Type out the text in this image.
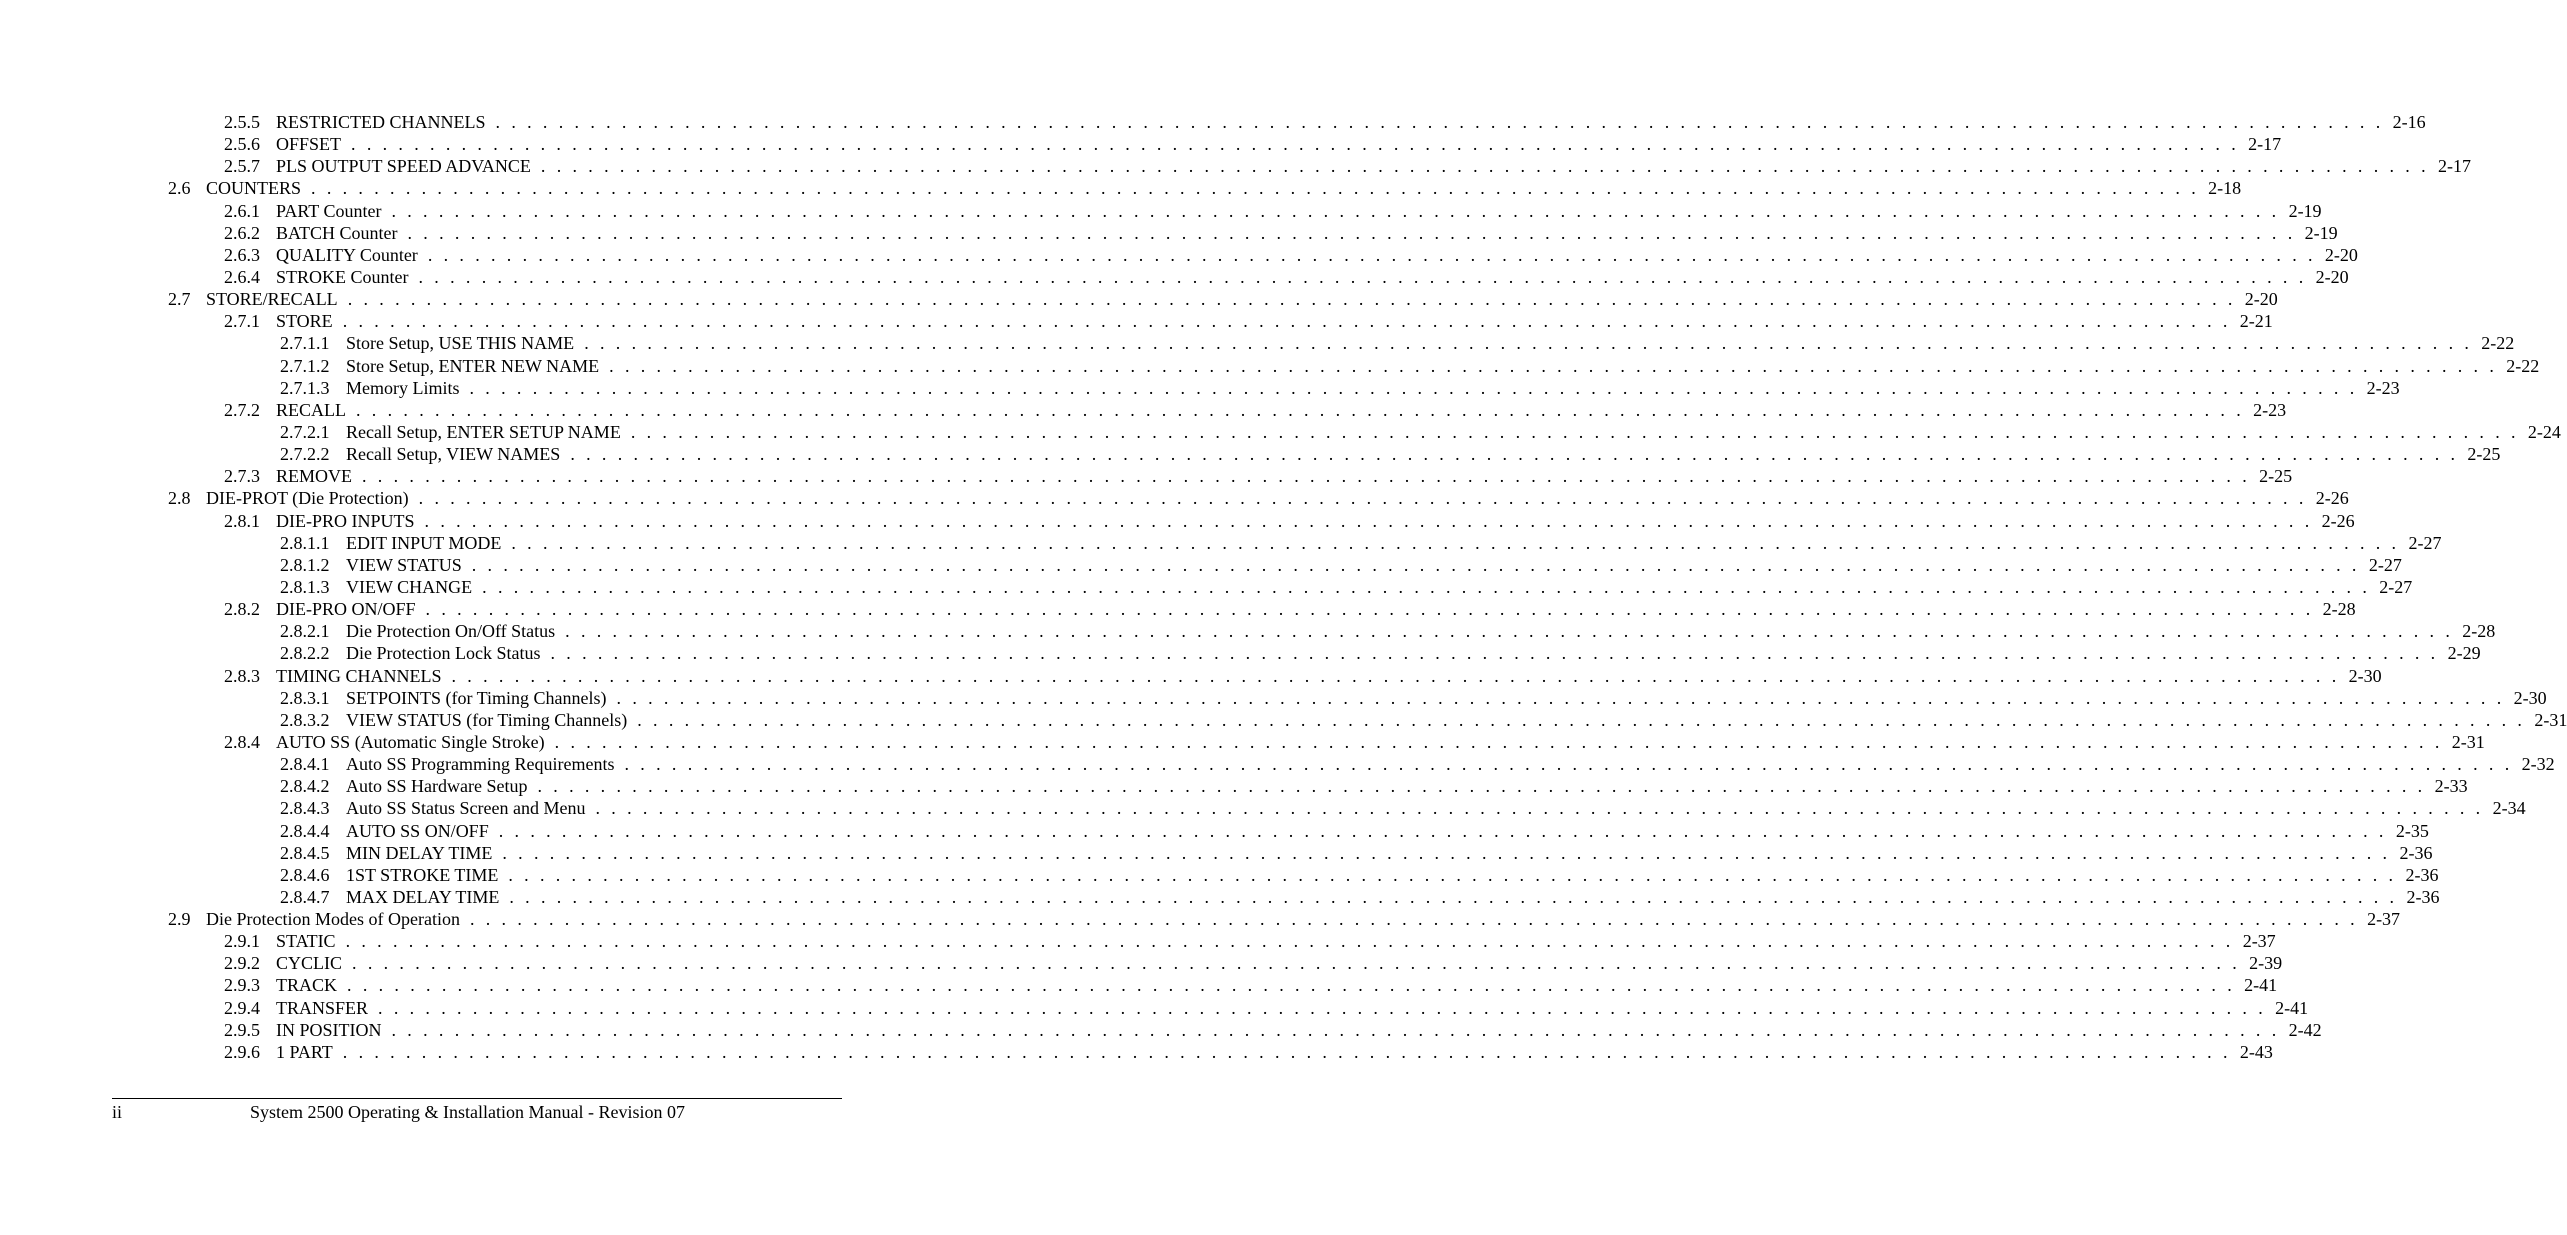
2.5.5 RESTRICTED CHANNELS . . . . . . . . . . . . . . . . . . . . . . . . . . . . . . . . . . . . . . . . . . . . . . . . . . . . . . . . . . . . . . . . . . . . . . . . . . . . . . . . . . . . . . . . . . . . . . . . . . . . . . . . . . . . . . . . . . . . . . . . 2-16
2.5.6 OFFSET . . . . . . . . . . . . . . . . . . . . . . . . . . . . . . . . . . . . . . . . . . . . . . . . . . . . . . . . . . . . . . . . . . . . . . . . . . . . . . . . . . . . . . . . . . . . . . . . . . . . . . . . . . . . . . . . . . . . . . . . 2-17
2.5.7 PLS OUTPUT SPEED ADVANCE . . . . . . . . . . . . . . . . . . . . . . . . . . . . . . . . . . . . . . . . . . . . . . . . . . . . . . . . . . . . . . . . . . . . . . . . . . . . . . . . . . . . . . . . . . . . . . . . . . . . . . . . . . . . . . . . . . . . . . . . 2-17
2.6 COUNTERS . . . . . . . . . . . . . . . . . . . . . . . . . . . . . . . . . . . . . . . . . . . . . . . . . . . . . . . . . . . . . . . . . . . . . . . . . . . . . . . . . . . . . . . . . . . . . . . . . . . . . . . . . . . . . . . . . . . . . . . . 2-18
2.6.1 PART Counter . . . . . . . . . . . . . . . . . . . . . . . . . . . . . . . . . . . . . . . . . . . . . . . . . . . . . . . . . . . . . . . . . . . . . . . . . . . . . . . . . . . . . . . . . . . . . . . . . . . . . . . . . . . . . . . . . . . . . . . . 2-19
2.6.2 BATCH Counter . . . . . . . . . . . . . . . . . . . . . . . . . . . . . . . . . . . . . . . . . . . . . . . . . . . . . . . . . . . . . . . . . . . . . . . . . . . . . . . . . . . . . . . . . . . . . . . . . . . . . . . . . . . . . . . . . . . . . . . . 2-19
2.6.3 QUALITY Counter . . . . . . . . . . . . . . . . . . . . . . . . . . . . . . . . . . . . . . . . . . . . . . . . . . . . . . . . . . . . . . . . . . . . . . . . . . . . . . . . . . . . . . . . . . . . . . . . . . . . . . . . . . . . . . . . . . . . . . . . 2-20
2.6.4 STROKE Counter . . . . . . . . . . . . . . . . . . . . . . . . . . . . . . . . . . . . . . . . . . . . . . . . . . . . . . . . . . . . . . . . . . . . . . . . . . . . . . . . . . . . . . . . . . . . . . . . . . . . . . . . . . . . . . . . . . . . . . . . 2-20
2.7 STORE/RECALL . . . . . . . . . . . . . . . . . . . . . . . . . . . . . . . . . . . . . . . . . . . . . . . . . . . . . . . . . . . . . . . . . . . . . . . . . . . . . . . . . . . . . . . . . . . . . . . . . . . . . . . . . . . . . . . . . . . . . . . . 2-20
2.7.1 STORE . . . . . . . . . . . . . . . . . . . . . . . . . . . . . . . . . . . . . . . . . . . . . . . . . . . . . . . . . . . . . . . . . . . . . . . . . . . . . . . . . . . . . . . . . . . . . . . . . . . . . . . . . . . . . . . . . . . . . . . . 2-21
2.7.1.1 Store Setup, USE THIS NAME . . . . . . . . . . . . . . . . . . . . . . . . . . . . . . . . . . . . . . . . . . . . . . . . . . . . . . . . . . . . . . . . . . . . . . . . . . . . . . . . . . . . . . . . . . . . . . . . . . . . . . . . . . . . . . . . . . . . . . . . 2-22
2.7.1.2 Store Setup, ENTER NEW NAME . . . . . . . . . . . . . . . . . . . . . . . . . . . . . . . . . . . . . . . . . . . . . . . . . . . . . . . . . . . . . . . . . . . . . . . . . . . . . . . . . . . . . . . . . . . . . . . . . . . . . . . . . . . . . . . . . . . . . . . . 2-22
2.7.1.3 Memory Limits . . . . . . . . . . . . . . . . . . . . . . . . . . . . . . . . . . . . . . . . . . . . . . . . . . . . . . . . . . . . . . . . . . . . . . . . . . . . . . . . . . . . . . . . . . . . . . . . . . . . . . . . . . . . . . . . . . . . . . . . 2-23
2.7.2 RECALL . . . . . . . . . . . . . . . . . . . . . . . . . . . . . . . . . . . . . . . . . . . . . . . . . . . . . . . . . . . . . . . . . . . . . . . . . . . . . . . . . . . . . . . . . . . . . . . . . . . . . . . . . . . . . . . . . . . . . . . . 2-23
2.7.2.1 Recall Setup, ENTER SETUP NAME . . . . . . . . . . . . . . . . . . . . . . . . . . . . . . . . . . . . . . . . . . . . . . . . . . . . . . . . . . . . . . . . . . . . . . . . . . . . . . . . . . . . . . . . . . . . . . . . . . . . . . . . . . . . . . . . . . . . . . . . 2-24
2.7.2.2 Recall Setup, VIEW NAMES . . . . . . . . . . . . . . . . . . . . . . . . . . . . . . . . . . . . . . . . . . . . . . . . . . . . . . . . . . . . . . . . . . . . . . . . . . . . . . . . . . . . . . . . . . . . . . . . . . . . . . . . . . . . . . . . . . . . . . . . 2-25
2.7.3 REMOVE . . . . . . . . . . . . . . . . . . . . . . . . . . . . . . . . . . . . . . . . . . . . . . . . . . . . . . . . . . . . . . . . . . . . . . . . . . . . . . . . . . . . . . . . . . . . . . . . . . . . . . . . . . . . . . . . . . . . . . . . 2-25
2.8 DIE-PROT (Die Protection) . . . . . . . . . . . . . . . . . . . . . . . . . . . . . . . . . . . . . . . . . . . . . . . . . . . . . . . . . . . . . . . . . . . . . . . . . . . . . . . . . . . . . . . . . . . . . . . . . . . . . . . . . . . . . . . . . . . . . . . . 2-26
2.8.1 DIE-PRO INPUTS . . . . . . . . . . . . . . . . . . . . . . . . . . . . . . . . . . . . . . . . . . . . . . . . . . . . . . . . . . . . . . . . . . . . . . . . . . . . . . . . . . . . . . . . . . . . . . . . . . . . . . . . . . . . . . . . . . . . . . . . 2-26
2.8.1.1 EDIT INPUT MODE . . . . . . . . . . . . . . . . . . . . . . . . . . . . . . . . . . . . . . . . . . . . . . . . . . . . . . . . . . . . . . . . . . . . . . . . . . . . . . . . . . . . . . . . . . . . . . . . . . . . . . . . . . . . . . . . . . . . . . . . 2-27
2.8.1.2 VIEW STATUS . . . . . . . . . . . . . . . . . . . . . . . . . . . . . . . . . . . . . . . . . . . . . . . . . . . . . . . . . . . . . . . . . . . . . . . . . . . . . . . . . . . . . . . . . . . . . . . . . . . . . . . . . . . . . . . . . . . . . . . . 2-27
2.8.1.3 VIEW CHANGE . . . . . . . . . . . . . . . . . . . . . . . . . . . . . . . . . . . . . . . . . . . . . . . . . . . . . . . . . . . . . . . . . . . . . . . . . . . . . . . . . . . . . . . . . . . . . . . . . . . . . . . . . . . . . . . . . . . . . . . . 2-27
2.8.2 DIE-PRO ON/OFF . . . . . . . . . . . . . . . . . . . . . . . . . . . . . . . . . . . . . . . . . . . . . . . . . . . . . . . . . . . . . . . . . . . . . . . . . . . . . . . . . . . . . . . . . . . . . . . . . . . . . . . . . . . . . . . . . . . . . . . . 2-28
2.8.2.1 Die Protection On/Off Status . . . . . . . . . . . . . . . . . . . . . . . . . . . . . . . . . . . . . . . . . . . . . . . . . . . . . . . . . . . . . . . . . . . . . . . . . . . . . . . . . . . . . . . . . . . . . . . . . . . . . . . . . . . . . . . . . . . . . . . . 2-28
2.8.2.2 Die Protection Lock Status . . . . . . . . . . . . . . . . . . . . . . . . . . . . . . . . . . . . . . . . . . . . . . . . . . . . . . . . . . . . . . . . . . . . . . . . . . . . . . . . . . . . . . . . . . . . . . . . . . . . . . . . . . . . . . . . . . . . . . . . 2-29
2.8.3 TIMING CHANNELS . . . . . . . . . . . . . . . . . . . . . . . . . . . . . . . . . . . . . . . . . . . . . . . . . . . . . . . . . . . . . . . . . . . . . . . . . . . . . . . . . . . . . . . . . . . . . . . . . . . . . . . . . . . . . . . . . . . . . . . . 2-30
2.8.3.1 SETPOINTS (for Timing Channels) . . . . . . . . . . . . . . . . . . . . . . . . . . . . . . . . . . . . . . . . . . . . . . . . . . . . . . . . . . . . . . . . . . . . . . . . . . . . . . . . . . . . . . . . . . . . . . . . . . . . . . . . . . . . . . . . . . . . . . . . 2-30
2.8.3.2 VIEW STATUS (for Timing Channels) . . . . . . . . . . . . . . . . . . . . . . . . . . . . . . . . . . . . . . . . . . . . . . . . . . . . . . . . . . . . . . . . . . . . . . . . . . . . . . . . . . . . . . . . . . . . . . . . . . . . . . . . . . . . . . . . . . . . . . . . 2-31
2.8.4 AUTO SS (Automatic Single Stroke) . . . . . . . . . . . . . . . . . . . . . . . . . . . . . . . . . . . . . . . . . . . . . . . . . . . . . . . . . . . . . . . . . . . . . . . . . . . . . . . . . . . . . . . . . . . . . . . . . . . . . . . . . . . . . . . . . . . . . . . . 2-31
2.8.4.1 Auto SS Programming Requirements . . . . . . . . . . . . . . . . . . . . . . . . . . . . . . . . . . . . . . . . . . . . . . . . . . . . . . . . . . . . . . . . . . . . . . . . . . . . . . . . . . . . . . . . . . . . . . . . . . . . . . . . . . . . . . . . . . . . . . . . 2-32
2.8.4.2 Auto SS Hardware Setup . . . . . . . . . . . . . . . . . . . . . . . . . . . . . . . . . . . . . . . . . . . . . . . . . . . . . . . . . . . . . . . . . . . . . . . . . . . . . . . . . . . . . . . . . . . . . . . . . . . . . . . . . . . . . . . . . . . . . . . . 2-33
2.8.4.3 Auto SS Status Screen and Menu . . . . . . . . . . . . . . . . . . . . . . . . . . . . . . . . . . . . . . . . . . . . . . . . . . . . . . . . . . . . . . . . . . . . . . . . . . . . . . . . . . . . . . . . . . . . . . . . . . . . . . . . . . . . . . . . . . . . . . . . 2-34
2.8.4.4 AUTO SS ON/OFF . . . . . . . . . . . . . . . . . . . . . . . . . . . . . . . . . . . . . . . . . . . . . . . . . . . . . . . . . . . . . . . . . . . . . . . . . . . . . . . . . . . . . . . . . . . . . . . . . . . . . . . . . . . . . . . . . . . . . . . . 2-35
2.8.4.5 MIN DELAY TIME . . . . . . . . . . . . . . . . . . . . . . . . . . . . . . . . . . . . . . . . . . . . . . . . . . . . . . . . . . . . . . . . . . . . . . . . . . . . . . . . . . . . . . . . . . . . . . . . . . . . . . . . . . . . . . . . . . . . . . . . 2-36
2.8.4.6 1ST STROKE TIME . . . . . . . . . . . . . . . . . . . . . . . . . . . . . . . . . . . . . . . . . . . . . . . . . . . . . . . . . . . . . . . . . . . . . . . . . . . . . . . . . . . . . . . . . . . . . . . . . . . . . . . . . . . . . . . . . . . . . . . . 2-36
2.8.4.7 MAX DELAY TIME . . . . . . . . . . . . . . . . . . . . . . . . . . . . . . . . . . . . . . . . . . . . . . . . . . . . . . . . . . . . . . . . . . . . . . . . . . . . . . . . . . . . . . . . . . . . . . . . . . . . . . . . . . . . . . . . . . . . . . . . 2-36
2.9 Die Protection Modes of Operation . . . . . . . . . . . . . . . . . . . . . . . . . . . . . . . . . . . . . . . . . . . . . . . . . . . . . . . . . . . . . . . . . . . . . . . . . . . . . . . . . . . . . . . . . . . . . . . . . . . . . . . . . . . . . . . . . . . . . . . . 2-37
2.9.1 STATIC . . . . . . . . . . . . . . . . . . . . . . . . . . . . . . . . . . . . . . . . . . . . . . . . . . . . . . . . . . . . . . . . . . . . . . . . . . . . . . . . . . . . . . . . . . . . . . . . . . . . . . . . . . . . . . . . . . . . . . . . 2-37
2.9.2 CYCLIC . . . . . . . . . . . . . . . . . . . . . . . . . . . . . . . . . . . . . . . . . . . . . . . . . . . . . . . . . . . . . . . . . . . . . . . . . . . . . . . . . . . . . . . . . . . . . . . . . . . . . . . . . . . . . . . . . . . . . . . . 2-39
2.9.3 TRACK . . . . . . . . . . . . . . . . . . . . . . . . . . . . . . . . . . . . . . . . . . . . . . . . . . . . . . . . . . . . . . . . . . . . . . . . . . . . . . . . . . . . . . . . . . . . . . . . . . . . . . . . . . . . . . . . . . . . . . . . 2-41
2.9.4 TRANSFER . . . . . . . . . . . . . . . . . . . . . . . . . . . . . . . . . . . . . . . . . . . . . . . . . . . . . . . . . . . . . . . . . . . . . . . . . . . . . . . . . . . . . . . . . . . . . . . . . . . . . . . . . . . . . . . . . . . . . . . . 2-41
2.9.5 IN POSITION . . . . . . . . . . . . . . . . . . . . . . . . . . . . . . . . . . . . . . . . . . . . . . . . . . . . . . . . . . . . . . . . . . . . . . . . . . . . . . . . . . . . . . . . . . . . . . . . . . . . . . . . . . . . . . . . . . . . . . . . 2-42
2.9.6 1 PART . . . . . . . . . . . . . . . . . . . . . . . . . . . . . . . . . . . . . . . . . . . . . . . . . . . . . . . . . . . . . . . . . . . . . . . . . . . . . . . . . . . . . . . . . . . . . . . . . . . . . . . . . . . . . . . . . . . . . . . . 2-43
ii	System 2500 Operating & Installation Manual - Revision 07
